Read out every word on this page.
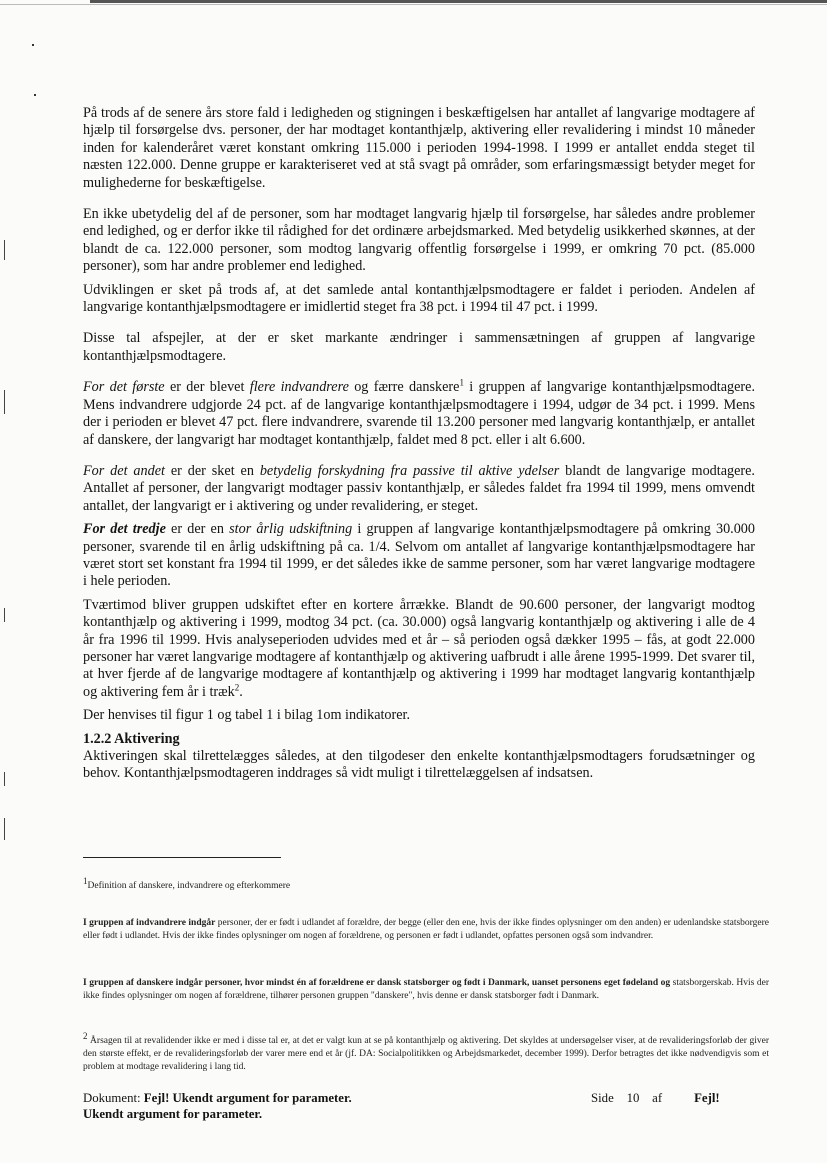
På trods af de senere års store fald i ledigheden og stigningen i beskæftigelsen har antallet af langvarige modtagere af hjælp til forsørgelse dvs. personer, der har modtaget kontanthjælp, aktivering eller revalidering i mindst 10 måneder inden for kalenderåret været konstant omkring 115.000 i perioden 1994-1998. I 1999 er antallet endda steget til næsten 122.000. Denne gruppe er karakteriseret ved at stå svagt på områder, som erfaringsmæssigt betyder meget for mulighederne for beskæftigelse.

En ikke ubetydelig del af de personer, som har modtaget langvarig hjælp til forsørgelse, har således andre problemer end ledighed, og er derfor ikke til rådighed for det ordinære arbejdsmarked. Med betydelig usikkerhed skønnes, at der blandt de ca. 122.000 personer, som modtog langvarig offentlig forsørgelse i 1999, er omkring 70 pct. (85.000 personer), som har andre problemer end ledighed.

Udviklingen er sket på trods af, at det samlede antal kontanthjælpsmodtagere er faldet i perioden. Andelen af langvarige kontanthjælpsmodtagere er imidlertid steget fra 38 pct. i 1994 til 47 pct. i 1999.

Disse tal afspejler, at der er sket markante ændringer i sammensætningen af gruppen af langvarige kontanthjælpsmodtagere.

For det første er der blevet flere indvandrere og færre danskere$^1$ i gruppen af langvarige kontanthjælpsmodtagere. Mens indvandrere udgjorde 24 pct. af de langvarige kontanthjælpsmodtagere i 1994, udgør de 34 pct. i 1999. Mens der i perioden er blevet 47 pct. flere indvandrere, svarende til 13.200 personer med langvarig kontanthjælp, er antallet af danskere, der langvarigt har modtaget kontanthjælp, faldet med 8 pct. eller i alt 6.600.

For det andet er der sket en betydelig forskydning fra passive til aktive ydelser blandt de langvarige modtagere. Antallet af personer, der langvarigt modtager passiv kontanthjælp, er således faldet fra 1994 til 1999, mens omvendt antallet, der langvarigt er i aktivering og under revalidering, er steget.

For det tredje er der en stor årlig udskiftning i gruppen af langvarige kontanthjælpsmodtagere på omkring 30.000 personer, svarende til en årlig udskiftning på ca. 1/4. Selvom om antallet af langvarige kontanthjælpsmodtagere har været stort set konstant fra 1994 til 1999, er det således ikke de samme personer, som har været langvarige modtagere i hele perioden.

Tværtimod bliver gruppen udskiftet efter en kortere årrække. Blandt de 90.600 personer, der langvarigt modtog kontanthjælp og aktivering i 1999, modtog 34 pct. (ca. 30.000) også langvarig kontanthjælp og aktivering i alle de 4 år fra 1996 til 1999. Hvis analyseperioden udvides med et år – så perioden også dækker 1995 – fås, at godt 22.000 personer har været langvarige modtagere af kontanthjælp og aktivering uafbrudt i alle årene 1995-1999. Det svarer til, at hver fjerde af de langvarige modtagere af kontanthjælp og aktivering i 1999 har modtaget langvarig kontanthjælp og aktivering fem år i træk$^2$.

Der henvises til figur 1 og tabel 1 i bilag 1om indikatorer.

1.2.2 Aktivering

Aktiveringen skal tilrettelægges således, at den tilgodeser den enkelte kontanthjælpsmodtagers forudsætninger og behov. Kontanthjælpsmodtageren inddrages så vidt muligt i tilrettelæggelsen af indsatsen.

$^1$Definition af danskere, indvandrere og efterkommere
I gruppen af indvandrere indgår personer, der er født i udlandet af forældre, der begge (eller den ene, hvis der ikke findes oplysninger om den anden) er udenlandske statsborgere eller født i udlandet. Hvis der ikke findes oplysninger om nogen af forældrene, og personen er født i udlandet, opfattes personen også som indvandrer.
I gruppen af danskere indgår personer, hvor mindst én af forældrene er dansk statsborger og født i Danmark, uanset personens eget fødeland og statsborgerskab. Hvis der ikke findes oplysninger om nogen af forældrene, tilhører personen gruppen "danskere", hvis denne er dansk statsborger født i Danmark.
$^2$ Årsagen til at revalidender ikke er med i disse tal er, at det er valgt kun at se på kontanthjælp og aktivering. Det skyldes at undersøgelser viser, at de revalideringsforløb der giver den største effekt, er de revalideringsforløb der varer mere end et år (jf. DA: Socialpolitikken og Arbejdsmarkedet, december 1999). Derfor betragtes det ikke nødvendigvis som et problem at modtage revalidering i lang tid.
Dokument: Fejl! Ukendt argument for parameter.
Ukendt argument for parameter.
Side 10 af	Fejl!
